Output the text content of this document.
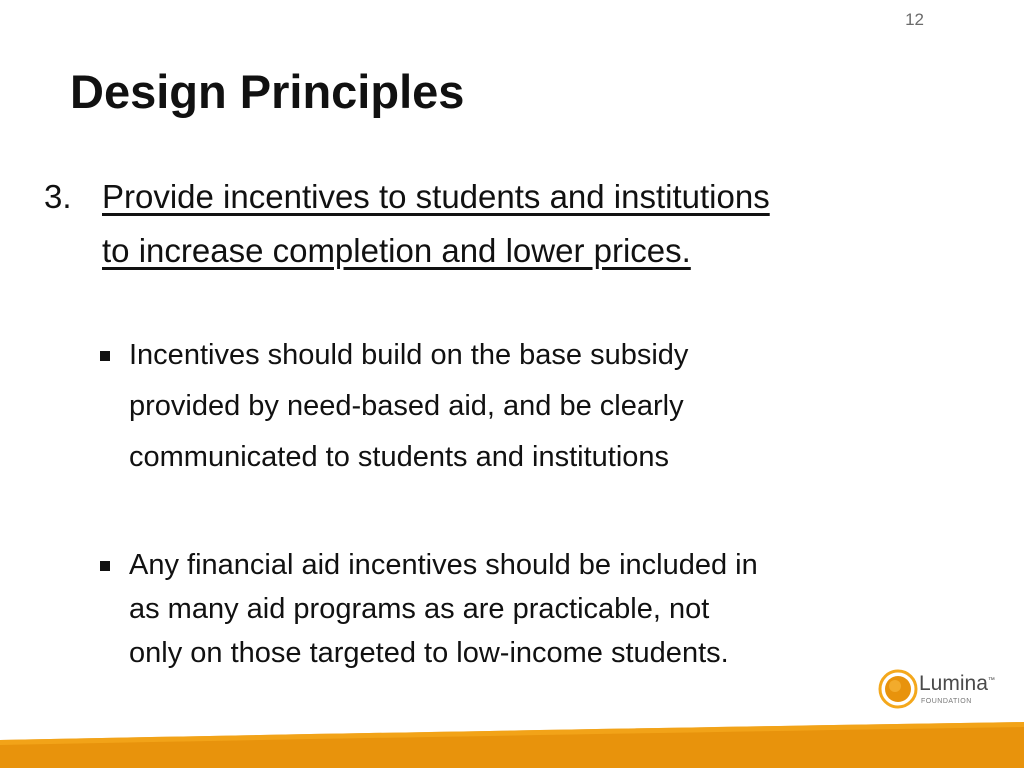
12
Design Principles
3. Provide incentives to students and institutions
to increase completion and lower prices.
Incentives should build on the base subsidy
provided by need-based aid, and be clearly
communicated to students and institutions
Any financial aid incentives should be included in
as many aid programs as are practicable, not
only on those targeted to low-income students.
Lumina™
FOUNDATION
